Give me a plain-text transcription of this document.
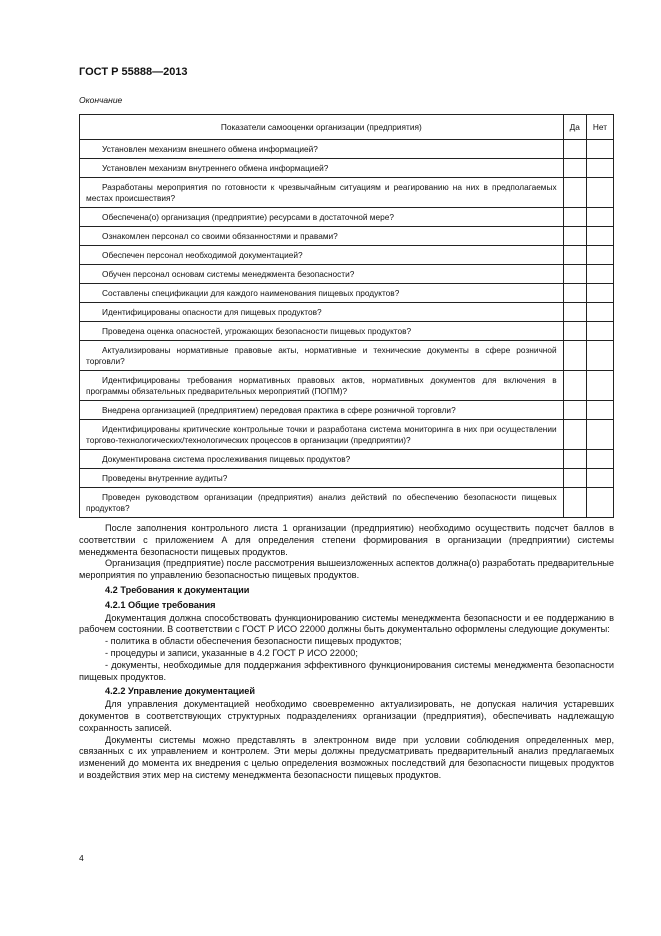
ГОСТ Р 55888—2013
Окончание
Показатели самооценки организации (предприятия)	Да	Нет
Установлен механизм внешнего обмена информацией?		
Установлен механизм внутреннего обмена информацией?		
Разработаны мероприятия по готовности к чрезвычайным ситуациям и реагированию на них в предполагаемых местах происшествия?		
Обеспечена(о) организация (предприятие) ресурсами в достаточной мере?		
Ознакомлен персонал со своими обязанностями и правами?		
Обеспечен персонал необходимой документацией?		
Обучен персонал основам системы менеджмента безопасности?		
Составлены спецификации для каждого наименования пищевых продуктов?		
Идентифицированы опасности для пищевых продуктов?		
Проведена оценка опасностей, угрожающих безопасности пищевых продуктов?		
Актуализированы нормативные правовые акты, нормативные и технические документы в сфере розничной торговли?		
Идентифицированы требования нормативных правовых актов, нормативных документов для включения в программы обязательных предварительных мероприятий (ПОПМ)?		
Внедрена организацией (предприятием) передовая практика в сфере розничной торговли?		
Идентифицированы критические контрольные точки и разработана система мониторинга в них при осуществлении торгово-технологических/технологических процессов в организации (предприятии)?		
Документирована система прослеживания пищевых продуктов?		
Проведены внутренние аудиты?		
Проведен руководством организации (предприятия) анализ действий по обеспечению безопасности пищевых продуктов?		

После заполнения контрольного листа 1 организации (предприятию) необходимо осуществить подсчет баллов в соответствии с приложением А для определения степени формирования в организации (предприятии) системы менеджмента безопасности пищевых продуктов.

Организация (предприятие) после рассмотрения вышеизложенных аспектов должна(о) разработать предварительные мероприятия по управлению безопасностью пищевых продуктов.

4.2 Требования к документации

4.2.1 Общие требования

Документация должна способствовать функционированию системы менеджмента безопасности и ее поддержанию в рабочем состоянии. В соответствии с ГОСТ Р ИСО 22000 должны быть документально оформлены следующие документы:

- политика в области обеспечения безопасности пищевых продуктов;

- процедуры и записи, указанные в 4.2 ГОСТ Р ИСО 22000;

- документы, необходимые для поддержания эффективного функционирования системы менеджмента безопасности пищевых продуктов.

4.2.2 Управление документацией

Для управления документацией необходимо своевременно актуализировать, не допуская наличия устаревших документов в соответствующих структурных подразделениях организации (предприятия), обеспечивать надлежащую сохранность записей.

Документы системы можно представлять в электронном виде при условии соблюдения определенных мер, связанных с их управлением и контролем. Эти меры должны предусматривать предварительный анализ предлагаемых изменений до момента их внедрения с целью определения возможных последствий для безопасности пищевых продуктов и воздействия этих мер на систему менеджмента безопасности пищевых продуктов.

4
